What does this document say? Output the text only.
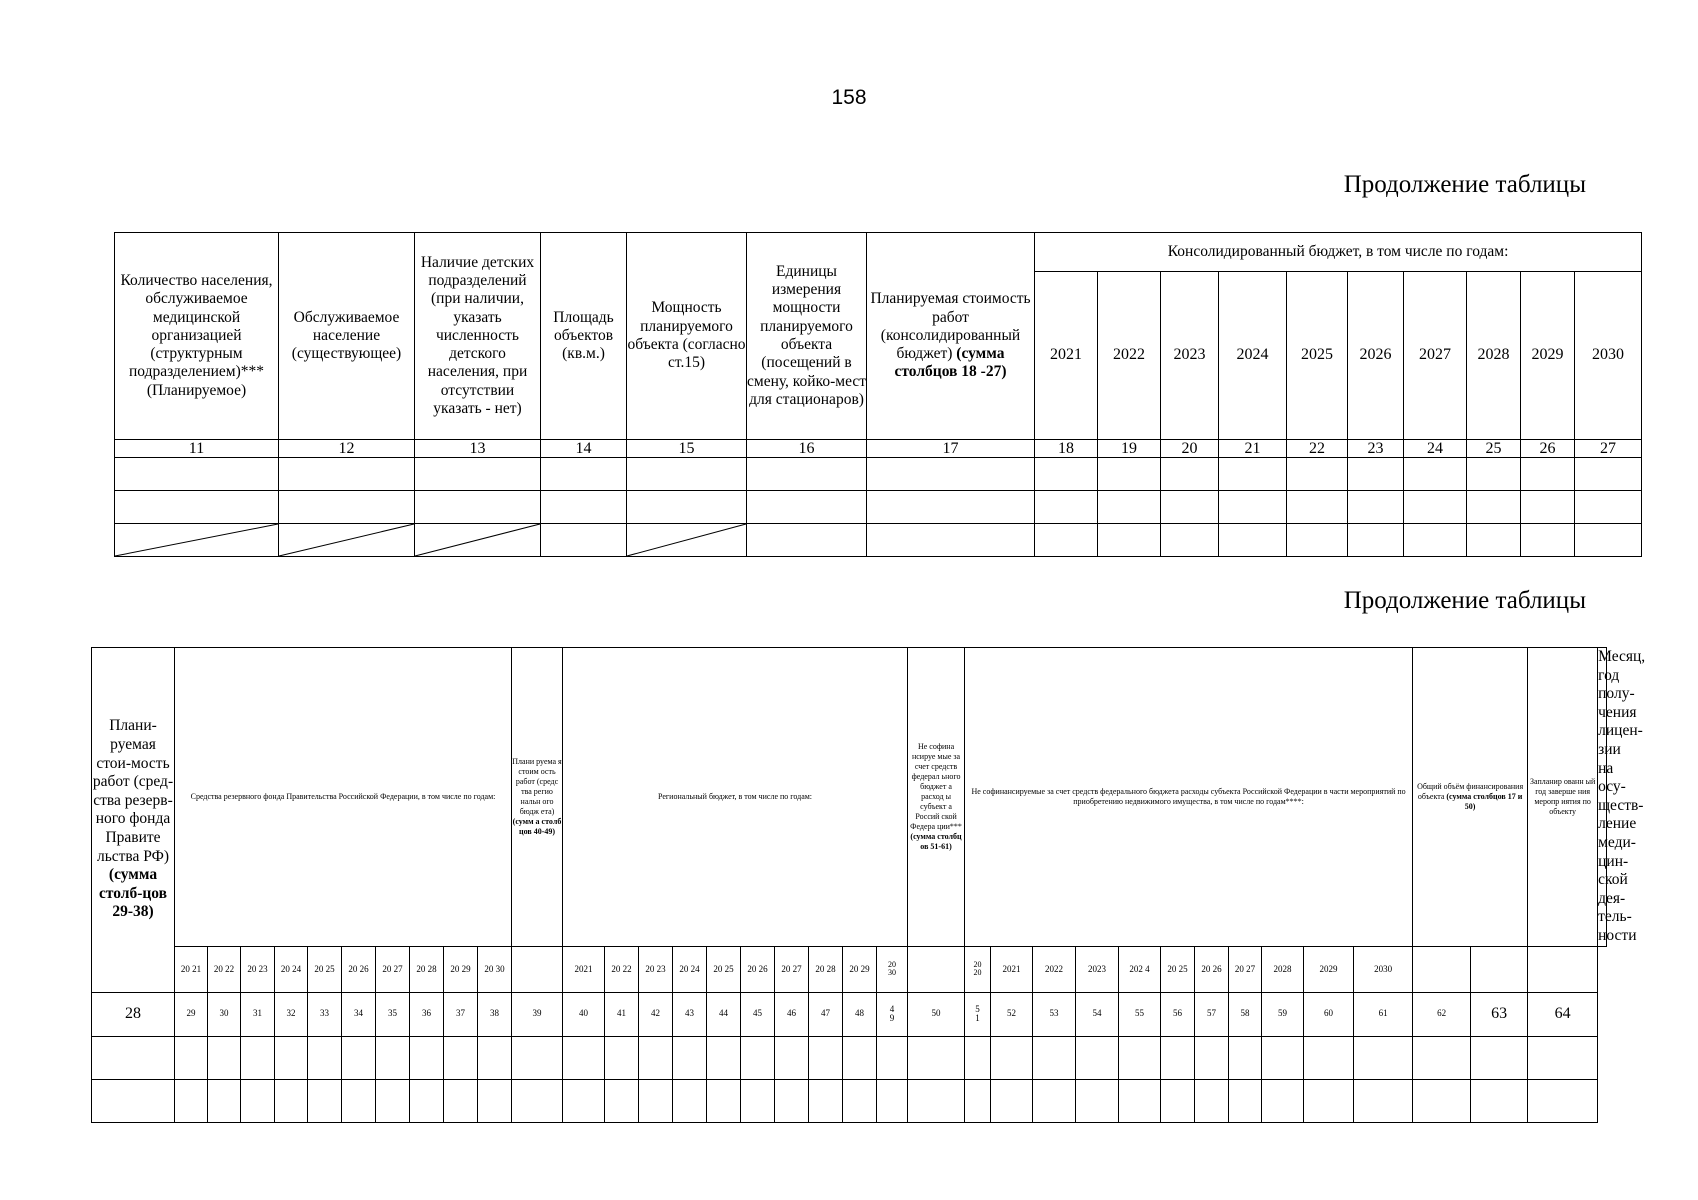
158
Продолжение таблицы
Продолжение таблицы
Количество населения, обслуживаемое медицинской организацией (структурным подразделением)*** (Планируемое)	Обслуживаемое население (существующее)	Наличие детских подразделений (при наличии, указать численность детского населения, при отсутствии указать - нет)	Площадь объектов (кв.м.)	Мощность планируемого объекта (согласно ст.15)	Единицы измерения мощности планируемого объекта (посещений в смену, койко-мест для стационаров)	Планируемая стоимость работ (консолидированный бюджет) (сумма столбцов 18 -27)	Консолидированный бюджет, в том числе по годам:									
							2021	2022	2023	2024	2025	2026	2027	2028	2029	2030
11	12	13	14	15	16	17	18	19	20	21	22	23	24	25	26	27

Плани-руемая стои-мость работ (сред-ства резерв-ного фонда Правите льства РФ) (сумма столб-цов 29-38)	Средства резервного фонда Правительства Российской Федерации, в том числе по годам:										Плани руема я стоим ость работ (средс тва регио нальн ого бюдж ета) (сумм а столб цов 40-49)	Региональный бюджет, в том числе по годам:										Не софина нсируе мые за счет средств федерал ьного бюджет а расход ы субъект а Россий ской Федера ции*** (сумма столбц ов 51-61)	Не софинансируемые за счет средств федерального бюджета расходы субъекта Российской Федерации в части мероприятий по приобретению недвижимого имущества, в том числе по годам****:											Общий объём финансирования объекта (сумма столбцов 17 и 50)		Запланир ованн ый год заверше ния меропр иятия по объекту	Месяц, год полу-чения лицен-зии на осу-ществ-ление меди-цин-ской дея-тель-ности
	20 21	20 22	20 23	20 24	20 25	20 26	20 27	20 28	20 29	20 30		2021	20 22	20 23	20 24	20 25	20 26	20 27	20 28	20 29	2030		2020	2021	2022	2023	202 4	20 25	20 26	20 27	2028	2029	2030				
28	29	30	31	32	33	34	35	36	37	38	39	40	41	42	43	44	45	46	47	48	49	50	51	52	53	54	55	56	57	58	59	60	61	62	63	64	
